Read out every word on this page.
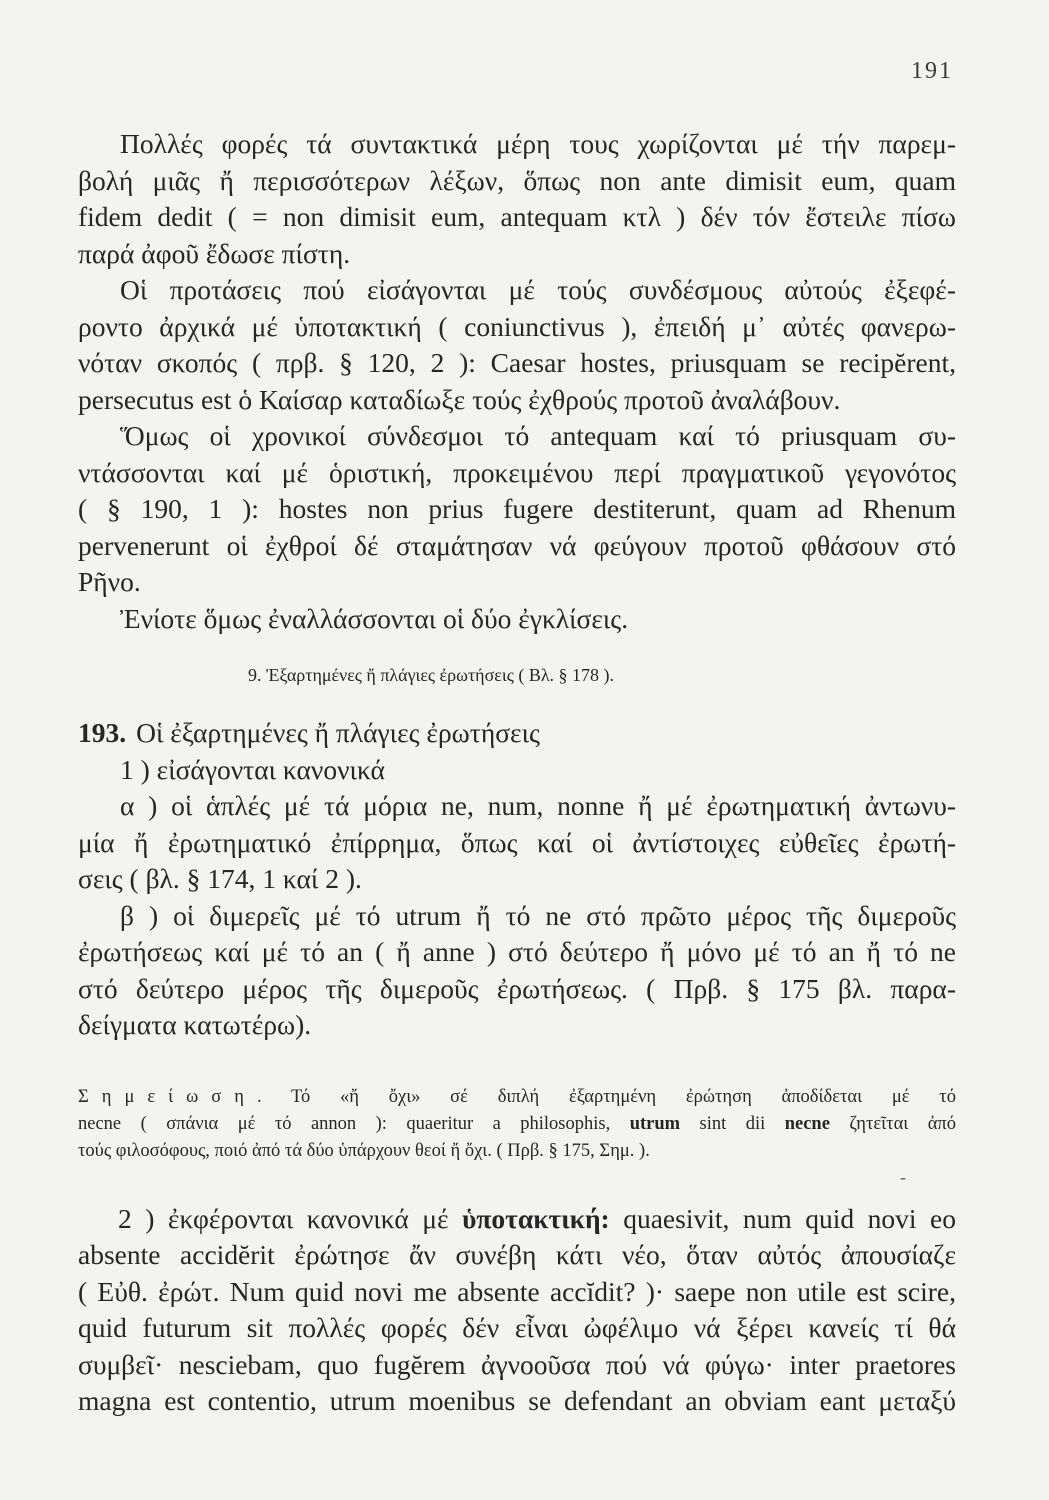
191
Πολλές φορές τά συντακτικά μέρη τους χωρίζονται μέ τήν παρεμ-
βολή μιᾶς ἤ περισσότερων λέξων, ὅπως non ante dimisit eum, quam
fidem dedit ( = non dimisit eum, antequam κτλ ) δέν τόν ἔστειλε πίσω
παρά ἀφοῦ ἔδωσε πίστη.
Οἱ προτάσεις πού εἰσάγονται μέ τούς συνδέσμους αὐτούς ἐξεφέ-
ροντο ἀρχικά μέ ὑποτακτική ( coniunctivus ), ἐπειδή μ᾽ αὐτές φανερω-
νόταν σκοπός ( πρβ. § 120, 2 ): Caesar hostes, priusquam se recipĕrent,
persecutus est ὁ Καίσαρ καταδίωξε τούς ἐχθρούς προτοῦ ἀναλάβουν.
Ὅμως οἱ χρονικοί σύνδεσμοι τό antequam καί τό priusquam συ-
ντάσσονται καί μέ ὁριστική, προκειμένου περί πραγματικοῦ γεγονότος
( § 190, 1 ): hostes non prius fugere destiterunt, quam ad Rhenum
pervenerunt οἱ ἐχθροί δέ σταμάτησαν νά φεύγουν προτοῦ φθάσουν στό
Ρῆνο.
Ἐνίοτε ὅμως ἐναλλάσσονται οἱ δύο ἐγκλίσεις.
9. Ἐξαρτημένες ἤ πλάγιες ἐρωτήσεις ( Βλ. § 178 ).
193. Οἱ ἐξαρτημένες ἤ πλάγιες ἐρωτήσεις
1 ) εἰσάγονται κανονικά
α ) οἱ ἁπλές μέ τά μόρια ne, num, nonne ἤ μέ ἐρωτηματική ἀντωνυ-
μία ἤ ἐρωτηματικό ἐπίρρημα, ὅπως καί οἱ ἀντίστοιχες εὐθεῖες ἐρωτή-
σεις ( βλ. § 174, 1 καί 2 ).
β ) οἱ διμερεῖς μέ τό utrum ἤ τό ne στό πρῶτο μέρος τῆς διμεροῦς
ἐρωτήσεως καί μέ τό an ( ἤ anne ) στό δεύτερο ἤ μόνο μέ τό an ἤ τό ne
στό δεύτερο μέρος τῆς διμεροῦς ἐρωτήσεως. ( Πρβ. § 175 βλ. παρα-
δείγματα κατωτέρω).
Σημείωση. Τό «ἤ ὄχι» σέ διπλή ἐξαρτημένη ἐρώτηση ἀποδίδεται μέ τό
necne ( σπάνια μέ τό annon ): quaeritur a philosophis, utrum sint dii necne ζητεῖται ἀπό
τούς φιλοσόφους, ποιό ἀπό τά δύο ὑπάρχουν θεοί ἤ ὄχι. ( Πρβ. § 175, Σημ. ).
-
2 ) ἐκφέρονται κανονικά μέ ὑποτακτική: quaesivit, num quid novi eo
absente accidĕrit ἐρώτησε ἄν συνέβη κάτι νέο, ὅταν αὐτός ἀπουσίαζε
( Εὐθ. ἐρώτ. Num quid novi me absente accĭdit? )· saepe non utile est scire,
quid futurum sit πολλές φορές δέν εἶναι ὠφέλιμο νά ξέρει κανείς τί θά
συμβεῖ· nesciebam, quo fugĕrem ἀγνοοῦσα πού νά φύγω· inter praetores
magna est contentio, utrum moenibus se defendant an obviam eant μεταξύ
